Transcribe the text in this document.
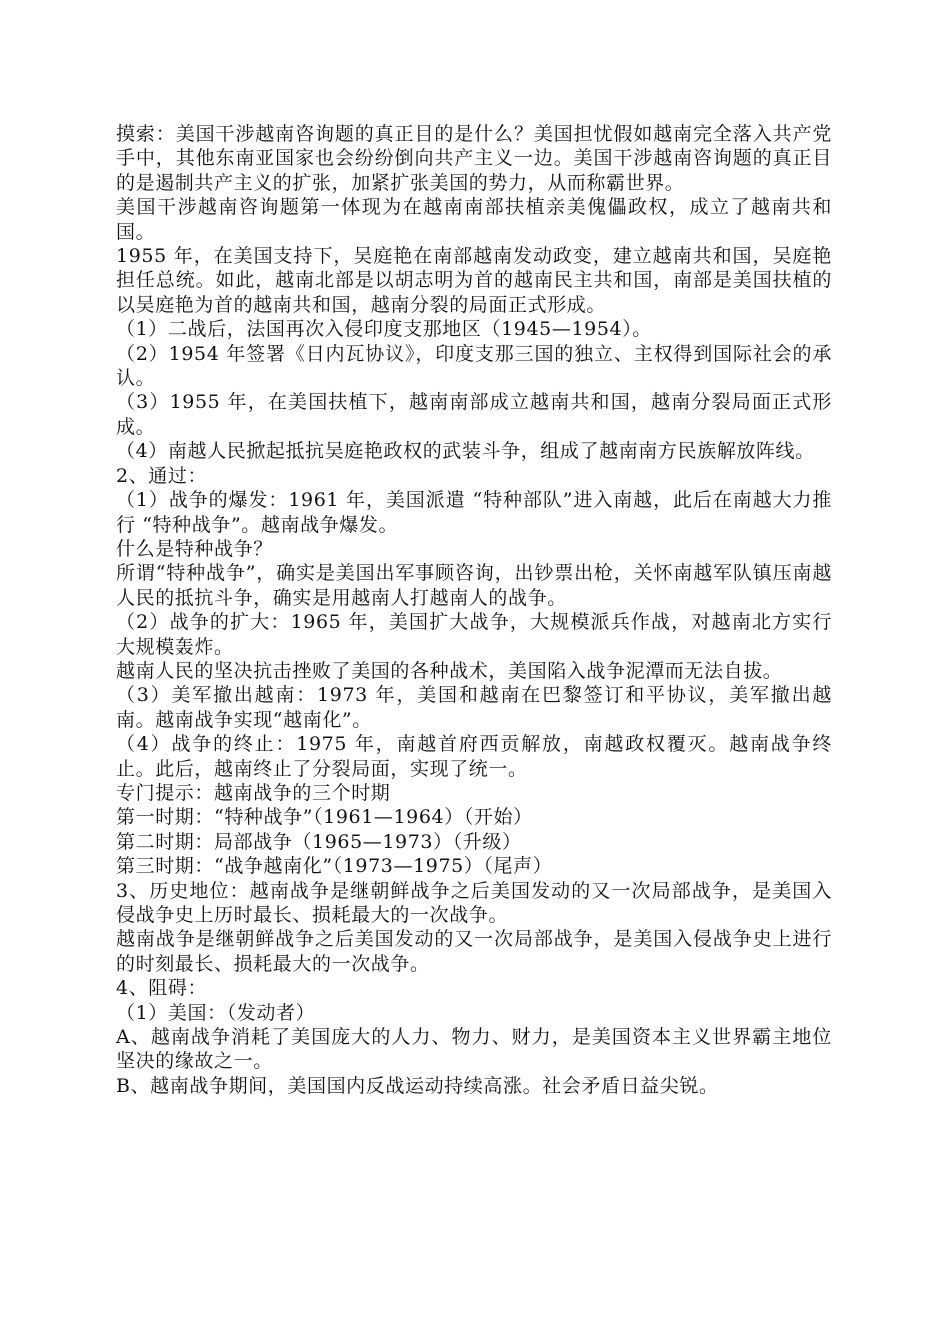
摸索：美国干涉越南咨询题的真正目的是什么？美国担忧假如越南完全落入共产党手中，其他东南亚国家也会纷纷倒向共产主义一边。美国干涉越南咨询题的真正目的是遏制共产主义的扩张，加紧扩张美国的势力，从而称霸世界。

美国干涉越南咨询题第一体现为在越南南部扶植亲美傀儡政权，成立了越南共和国。

1955 年，在美国支持下，吴庭艳在南部越南发动政变，建立越南共和国，吴庭艳担任总统。如此，越南北部是以胡志明为首的越南民主共和国，南部是美国扶植的以吴庭艳为首的越南共和国，越南分裂的局面正式形成。

（1）二战后，法国再次入侵印度支那地区（1945—1954）。

（2）1954 年签署《日内瓦协议》，印度支那三国的独立、主权得到国际社会的承认。

（3）1955 年，在美国扶植下，越南南部成立越南共和国，越南分裂局面正式形成。

（4）南越人民掀起抵抗吴庭艳政权的武装斗争，组成了越南南方民族解放阵线。

2、通过：

（1）战争的爆发：1961 年，美国派遣 “特种部队”进入南越，此后在南越大力推行 “特种战争”。越南战争爆发。

什么是特种战争？

所谓“特种战争”，确实是美国出军事顾咨询，出钞票出枪，关怀南越军队镇压南越人民的抵抗斗争，确实是用越南人打越南人的战争。

（2）战争的扩大：1965 年，美国扩大战争，大规模派兵作战，对越南北方实行大规模轰炸。

越南人民的坚决抗击挫败了美国的各种战术，美国陷入战争泥潭而无法自拔。

（3）美军撤出越南：1973 年，美国和越南在巴黎签订和平协议，美军撤出越南。越南战争实现“越南化”。

（4）战争的终止：1975 年，南越首府西贡解放，南越政权覆灭。越南战争终止。此后，越南终止了分裂局面，实现了统一。

专门提示：越南战争的三个时期

第一时期：“特种战争”（1961—1964）（开始）

第二时期：局部战争（1965—1973）（升级）

第三时期：“战争越南化”（1973—1975）（尾声）

3、历史地位：越南战争是继朝鲜战争之后美国发动的又一次局部战争，是美国入侵战争史上历时最长、损耗最大的一次战争。

越南战争是继朝鲜战争之后美国发动的又一次局部战争，是美国入侵战争史上进行的时刻最长、损耗最大的一次战争。

4、阻碍：

（1）美国：（发动者）

A、越南战争消耗了美国庞大的人力、物力、财力，是美国资本主义世界霸主地位坚决的缘故之一。

B、越南战争期间，美国国内反战运动持续高涨。社会矛盾日益尖锐。
